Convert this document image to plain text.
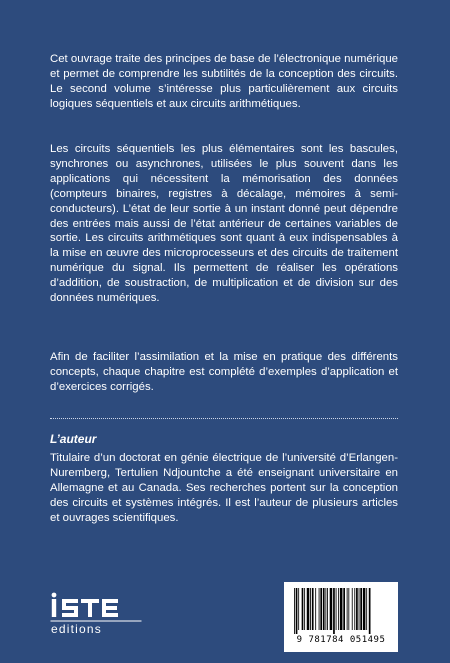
Cet ouvrage traite des principes de base de l’électronique numérique et permet de comprendre les subtilités de la conception des circuits. Le second volume s’intéresse plus particulièrement aux circuits logiques séquentiels et aux circuits arithmétiques.

Les circuits séquentiels les plus élémentaires sont les bascules, synchrones ou asynchrones, utilisées le plus souvent dans les applications qui nécessitent la mémorisation des données (compteurs binaires, registres à décalage, mémoires à semi-conducteurs). L’état de leur sortie à un instant donné peut dépendre des entrées mais aussi de l’état antérieur de certaines variables de sortie. Les circuits arithmétiques sont quant à eux indispensables à la mise en œuvre des microprocesseurs et des circuits de traitement numérique du signal. Ils permettent de réaliser les opérations d’addition, de soustraction, de multiplication et de division sur des données numériques.

Afin de faciliter l’assimilation et la mise en pratique des différents concepts, chaque chapitre est complété d’exemples d’application et d’exercices corrigés.

L’auteur

Titulaire d’un doctorat en génie électrique de l’université d’Erlangen-Nuremberg, Tertulien Ndjountche a été enseignant universitaire en Allemagne et au Canada. Ses recherches portent sur la conception des circuits et systèmes intégrés. Il est l’auteur de plusieurs articles et ouvrages scientifiques.

editions
9 781784 051495
